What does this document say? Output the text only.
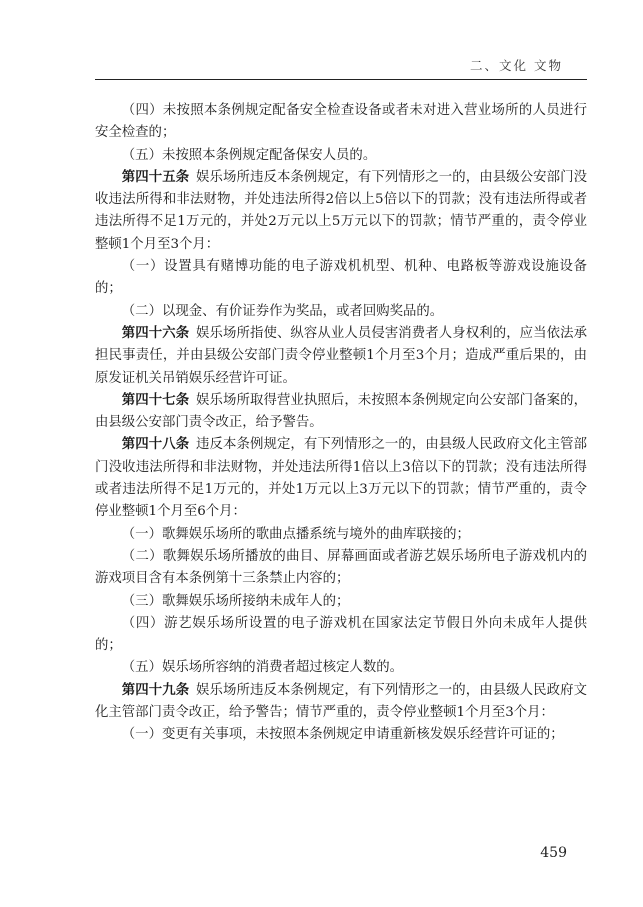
二、文化 文物

（四）未按照本条例规定配备安全检查设备或者未对进入营业场所的人员进行安全检查的；

（五）未按照本条例规定配备保安人员的。

第四十五条  娱乐场所违反本条例规定，有下列情形之一的，由县级公安部门没收违法所得和非法财物，并处违法所得2倍以上5倍以下的罚款；没有违法所得或者违法所得不足1万元的，并处2万元以上5万元以下的罚款；情节严重的，责令停业整顿1个月至3个月：

（一）设置具有赌博功能的电子游戏机机型、机种、电路板等游戏设施设备的；

（二）以现金、有价证券作为奖品，或者回购奖品的。

第四十六条  娱乐场所指使、纵容从业人员侵害消费者人身权利的，应当依法承担民事责任，并由县级公安部门责令停业整顿1个月至3个月；造成严重后果的，由原发证机关吊销娱乐经营许可证。

第四十七条  娱乐场所取得营业执照后，未按照本条例规定向公安部门备案的，由县级公安部门责令改正，给予警告。

第四十八条  违反本条例规定，有下列情形之一的，由县级人民政府文化主管部门没收违法所得和非法财物，并处违法所得1倍以上3倍以下的罚款；没有违法所得或者违法所得不足1万元的，并处1万元以上3万元以下的罚款；情节严重的，责令停业整顿1个月至6个月：

（一）歌舞娱乐场所的歌曲点播系统与境外的曲库联接的；

（二）歌舞娱乐场所播放的曲目、屏幕画面或者游艺娱乐场所电子游戏机内的游戏项目含有本条例第十三条禁止内容的；

（三）歌舞娱乐场所接纳未成年人的；

（四）游艺娱乐场所设置的电子游戏机在国家法定节假日外向未成年人提供的；

（五）娱乐场所容纳的消费者超过核定人数的。

第四十九条  娱乐场所违反本条例规定，有下列情形之一的，由县级人民政府文化主管部门责令改正，给予警告；情节严重的，责令停业整顿1个月至3个月：

（一）变更有关事项，未按照本条例规定申请重新核发娱乐经营许可证的；

459
